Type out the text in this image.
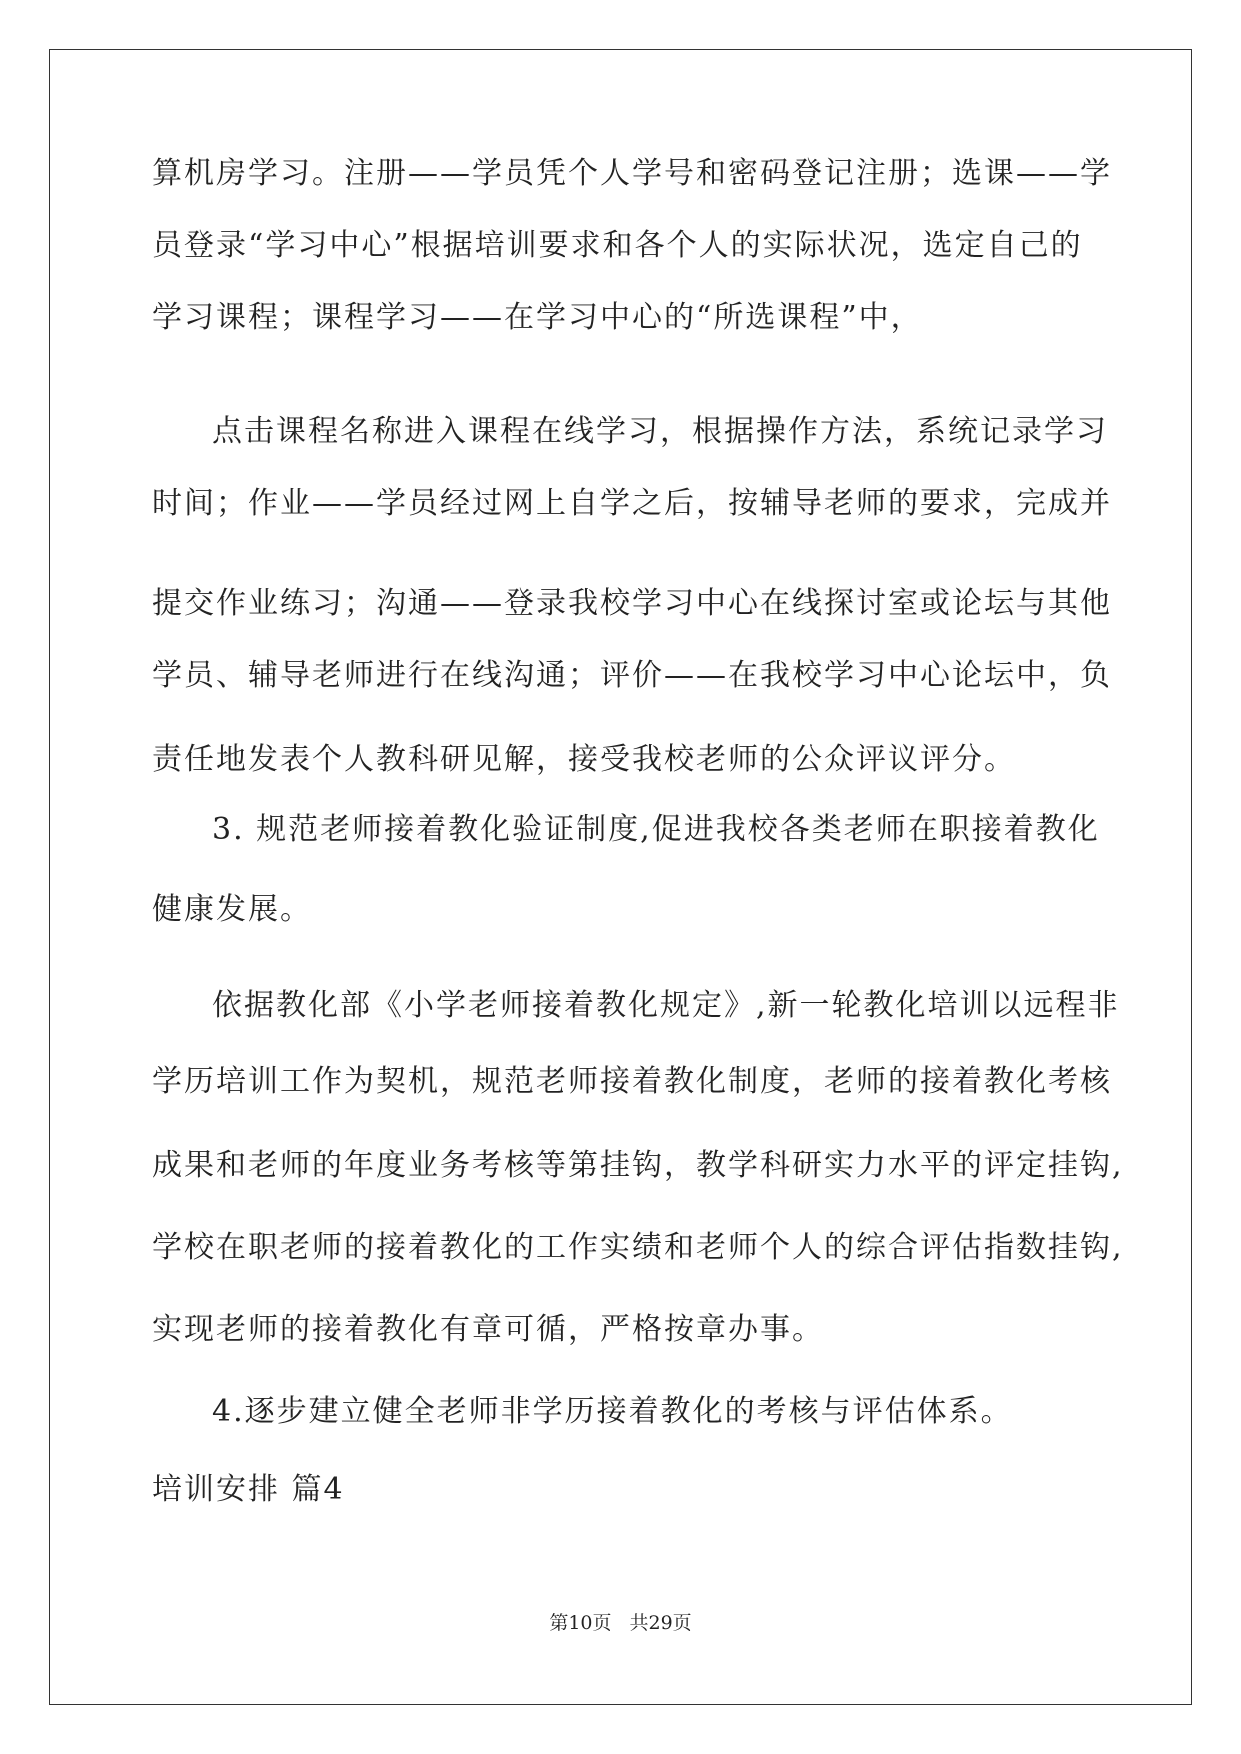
算机房学习。注册——学员凭个人学号和密码登记注册；选课——学
员登录“学习中心”根据培训要求和各个人的实际状况，选定自己的
学习课程；课程学习——在学习中心的“所选课程”中，
点击课程名称进入课程在线学习，根据操作方法，系统记录学习
时间；作业——学员经过网上自学之后，按辅导老师的要求，完成并
提交作业练习；沟通——登录我校学习中心在线探讨室或论坛与其他
学员、辅导老师进行在线沟通；评价——在我校学习中心论坛中，负
责任地发表个人教科研见解，接受我校老师的公众评议评分。
3. 规范老师接着教化验证制度,促进我校各类老师在职接着教化
健康发展。
依据教化部《小学老师接着教化规定》,新一轮教化培训以远程非
学历培训工作为契机，规范老师接着教化制度，老师的接着教化考核
成果和老师的年度业务考核等第挂钩，教学科研实力水平的评定挂钩,
学校在职老师的接着教化的工作实绩和老师个人的综合评估指数挂钩,
实现老师的接着教化有章可循，严格按章办事。
4.逐步建立健全老师非学历接着教化的考核与评估体系。
培训安排 篇4
第10页 共29页
